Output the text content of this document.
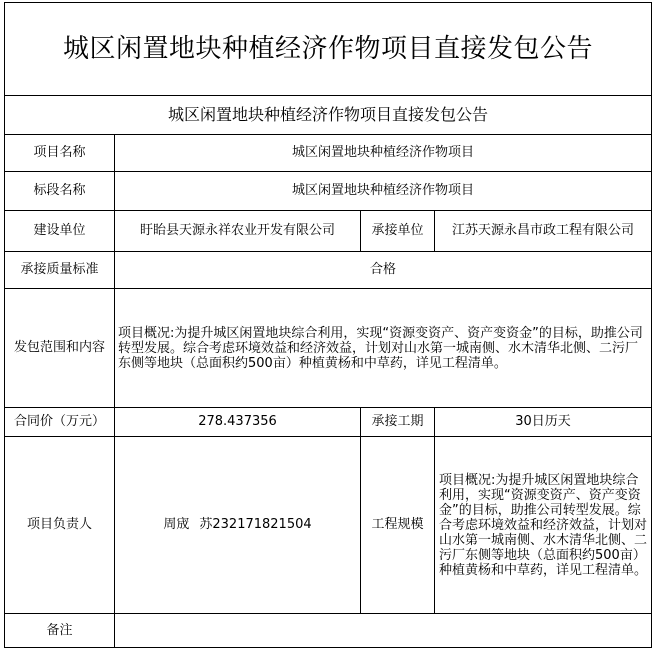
城区闲置地块种植经济作物项目直接发包公告			
城区闲置地块种植经济作物项目直接发包公告			
项目名称	城区闲置地块种植经济作物项目		
标段名称	城区闲置地块种植经济作物项目		
建设单位	盱眙县天源永祥农业开发有限公司	承接单位	江苏天源永昌市政工程有限公司
承接质量标准	合格		
发包范围和内容	项目概况:为提升城区闲置地块综合利用，实现“资源变资产、资产变资金”的目标，助推公司转型发展。综合考虑环境效益和经济效益，计划对山水第一城南侧、水木清华北侧、二污厂东侧等地块（总面积约500亩）种植黄杨和中草药，详见工程清单。		
合同价（万元）	278.437356	承接工期	30日历天
项目负责人	周宬 苏232171821504	工程规模	项目概况:为提升城区闲置地块综合利用，实现“资源变资产、资产变资金”的目标，助推公司转型发展。综合考虑环境效益和经济效益，计划对山水第一城南侧、水木清华北侧、二污厂东侧等地块（总面积约500亩）种植黄杨和中草药，详见工程清单。
备注			
